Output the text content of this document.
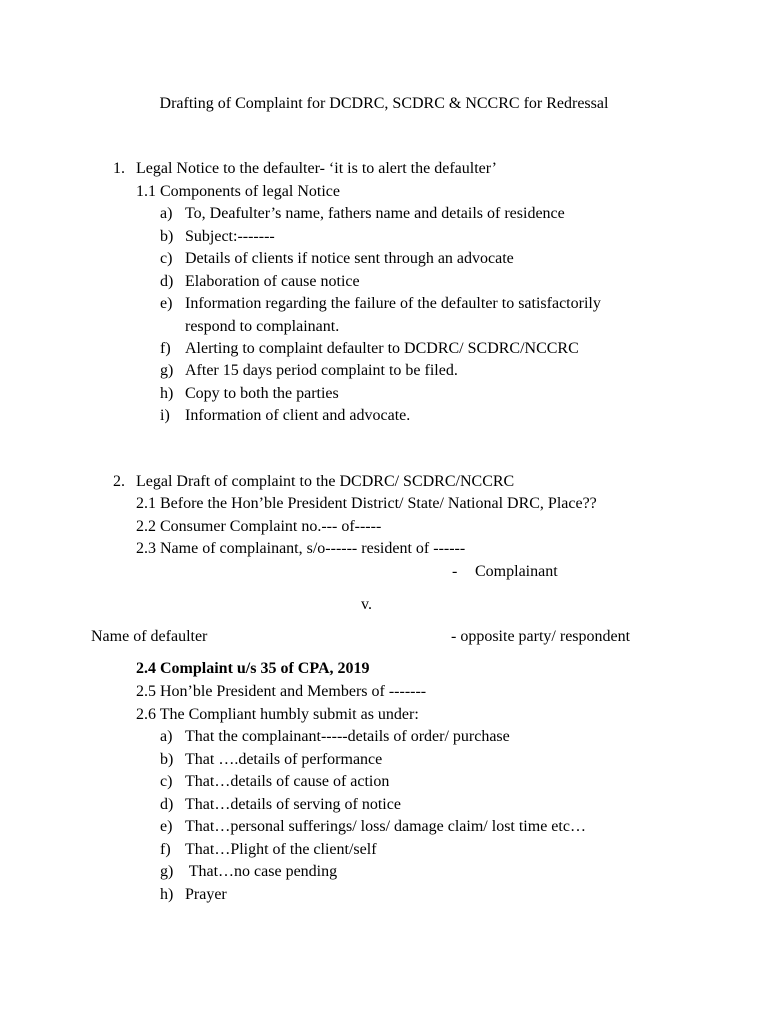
Drafting of Complaint for DCDRC, SCDRC & NCCRC for Redressal
1. Legal Notice to the defaulter- ‘it is to alert the defaulter’
1.1 Components of legal Notice
a) To, Deafulter’s name, fathers name and details of residence
b) Subject:-------
c) Details of clients if notice sent through an advocate
d) Elaboration of cause notice
e) Information regarding the failure of the defaulter to satisfactorily
respond to complainant.
f) Alerting to complaint defaulter to DCDRC/ SCDRC/NCCRC
g) After 15 days period complaint to be filed.
h) Copy to both the parties
i) Information of client and advocate.
2. Legal Draft of complaint to the DCDRC/ SCDRC/NCCRC
2.1 Before the Hon’ble President District/ State/ National DRC, Place??
2.2 Consumer Complaint no.--- of-----
2.3 Name of complainant, s/o------ resident of ------
- Complainant
v.
Name of defaulter	- opposite party/ respondent
2.4 Complaint u/s 35 of CPA, 2019
2.5 Hon’ble President and Members of -------
2.6 The Compliant humbly submit as under:
a) That the complainant-----details of order/ purchase
b) That ….details of performance
c) That…details of cause of action
d) That…details of serving of notice
e) That…personal sufferings/ loss/ damage claim/ lost time etc…
f) That…Plight of the client/self
g) That…no case pending
h) Prayer
